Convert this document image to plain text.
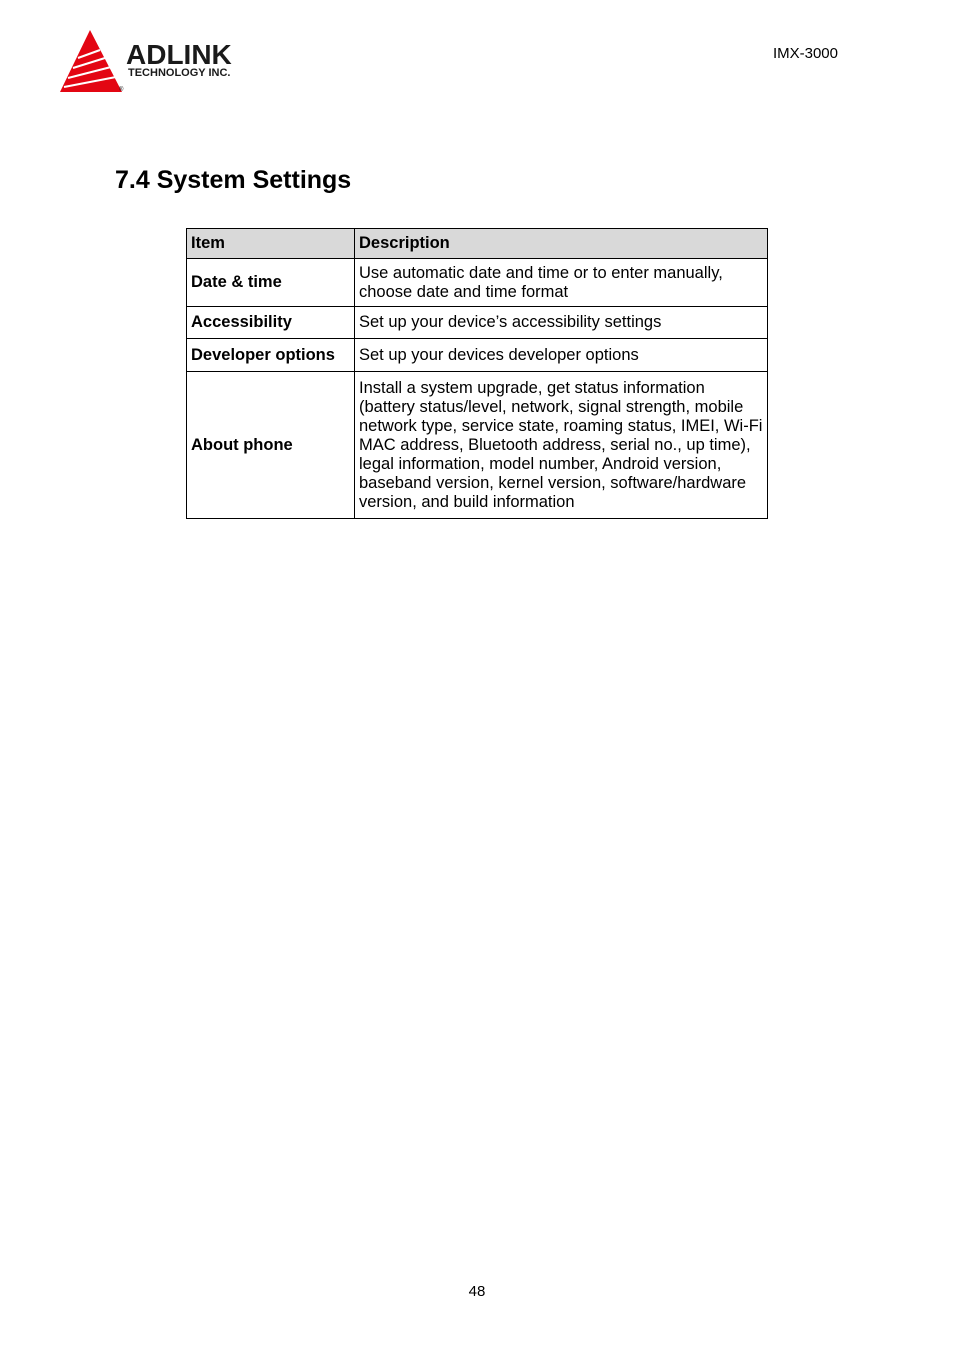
ADLINK
TECHNOLOGY INC.
®
IMX-3000
7.4 System Settings
Item	Description
Date & time	Use automatic date and time or to enter manually, choose date and time format
Accessibility	Set up your device’s accessibility settings
Developer options	Set up your devices developer options
About phone	Install a system upgrade, get status information (battery status/level, network, signal strength, mobile network type, service state, roaming status, IMEI, Wi-Fi MAC address, Bluetooth address, serial no., up time), legal information, model number, Android version, baseband version, kernel version, software/hardware version, and build information
48
